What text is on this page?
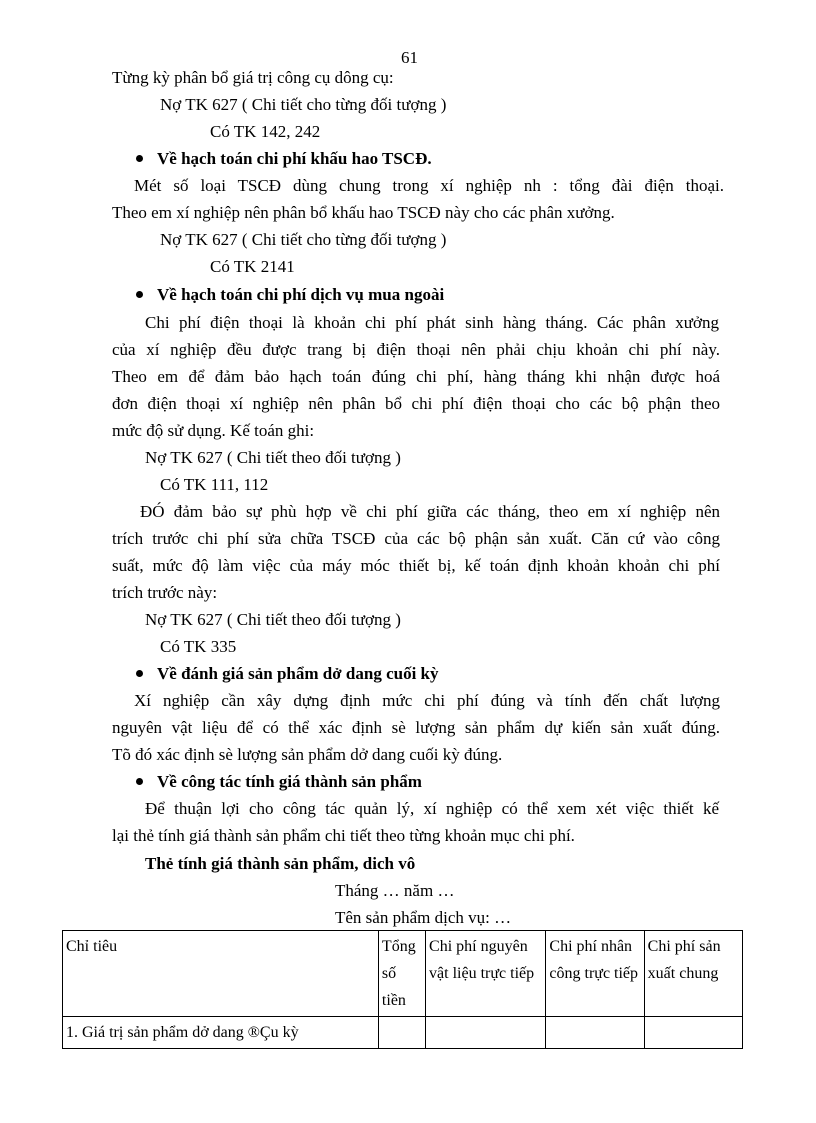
61
Từng kỳ phân bổ giá trị công cụ dông cụ:
Nợ TK 627 ( Chi tiết cho từng đối tượng )
Có TK 142, 242
Về hạch toán chi phí khấu hao TSCĐ.
Mét số loại TSCĐ dùng chung trong xí nghiệp nh : tổng đài điện thoại.
Theo em xí nghiệp nên phân bổ khấu hao TSCĐ này cho các phân xưởng.
Nợ TK 627 ( Chi tiết cho từng đối tượng )
Có TK 2141
Về hạch toán chi phí dịch vụ mua ngoài
Chi phí điện thoại là khoản chi phí phát sinh hàng tháng. Các phân xưởng
của xí nghiệp đều được trang bị điện thoại nên phải chịu khoản chi phí này.
Theo em để đảm bảo hạch toán đúng chi phí, hàng tháng khi nhận được hoá
đơn điện thoại xí nghiệp nên phân bổ chi phí điện thoại cho các bộ phận theo
mức độ sử dụng. Kế toán ghi:
Nợ TK 627 ( Chi tiết theo đối tượng )
Có TK 111, 112
ĐÓ đảm bảo sự phù hợp về chi phí giữa các tháng, theo em xí nghiệp nên
trích trước chi phí sửa chữa TSCĐ của các bộ phận sản xuất. Căn cứ vào công
suất, mức độ làm việc của máy móc thiết bị, kế toán định khoản khoản chi phí
trích trước này:
Nợ TK 627 ( Chi tiết theo đối tượng )
Có TK 335
Về đánh giá sản phẩm dở dang cuối kỳ
Xí nghiệp cần xây dựng định mức chi phí đúng và tính đến chất lượng
nguyên vật liệu để có thể xác định sè lượng sản phẩm dự kiến sản xuất đúng.
Tõ đó xác định sè lượng sản phẩm dở dang cuối kỳ đúng.
Về công tác tính giá thành sản phẩm
Để thuận lợi cho công tác quản lý, xí nghiệp có thể xem xét việc thiết kế
lại thẻ tính giá thành sản phẩm chi tiết theo từng khoản mục chi phí.
Thẻ tính giá thành sản phẩm, dich vô
Tháng … năm …
Tên sản phẩm dịch vụ: …
Chỉ tiêu	Tổng số tiền	Chi phí nguyên vật liệu trực tiếp	Chi phí nhân công trực tiếp	Chi phí sản xuất chung
1. Giá trị sản phẩm dở dang ®Çu kỳ				
